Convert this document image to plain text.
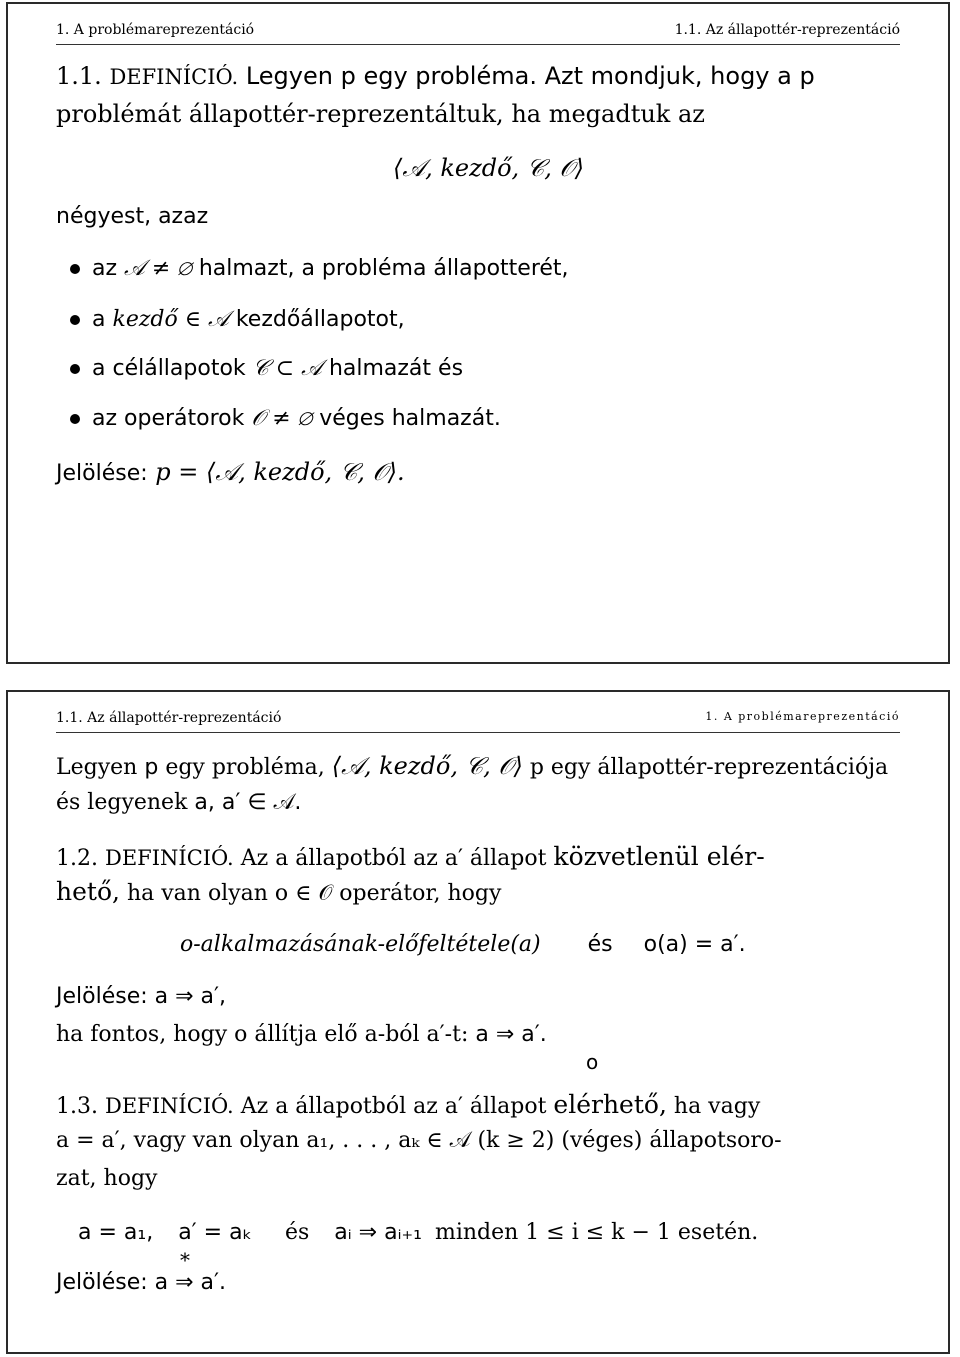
1. A problémareprezentáció	1.1. Az állapottér-reprezentáció
1.1. DEFINÍCIÓ. Legyen p egy probléma. Azt mondjuk, hogy a p
problémát állapottér-reprezentáltuk, ha megadtuk az
⟨𝒜, kezdő, 𝒞, 𝒪⟩
négyest, azaz
az 𝒜 ≠ ∅ halmazt, a probléma állapotterét,
a kezdő ∈ 𝒜 kezdőállapotot,
a célállapotok 𝒞 ⊂ 𝒜 halmazát és
az operátorok 𝒪 ≠ ∅ véges halmazát.
Jelölése: p = ⟨𝒜, kezdő, 𝒞, 𝒪⟩.
1.1. Az állapottér-reprezentáció	1. A problémareprezentáció
Legyen p egy probléma, ⟨𝒜, kezdő, 𝒞, 𝒪⟩ p egy állapottér-reprezentációja
és legyenek a, a′ ∈ 𝒜.
1.2. DEFINÍCIÓ. Az a állapotból az a′ állapot közvetlenül elér-
hető, ha van olyan o ∈ 𝒪 operátor, hogy
o-alkalmazásának-előfeltétele(a) és o(a) = a′.
Jelölése: a ⇒ a′,
ha fontos, hogy o állítja elő a-ból a′-t: a ⇒ a′.
o
1.3. DEFINÍCIÓ. Az a állapotból az a′ állapot elérhető, ha vagy
a = a′, vagy van olyan a₁, . . . , aₖ ∈ 𝒜 (k ≥ 2) (véges) állapotsoro-
zat, hogy
a = a₁, a′ = aₖ és aᵢ ⇒ aᵢ₊₁ minden 1 ≤ i ≤ k − 1 esetén.
*
Jelölése: a ⇒ a′.
